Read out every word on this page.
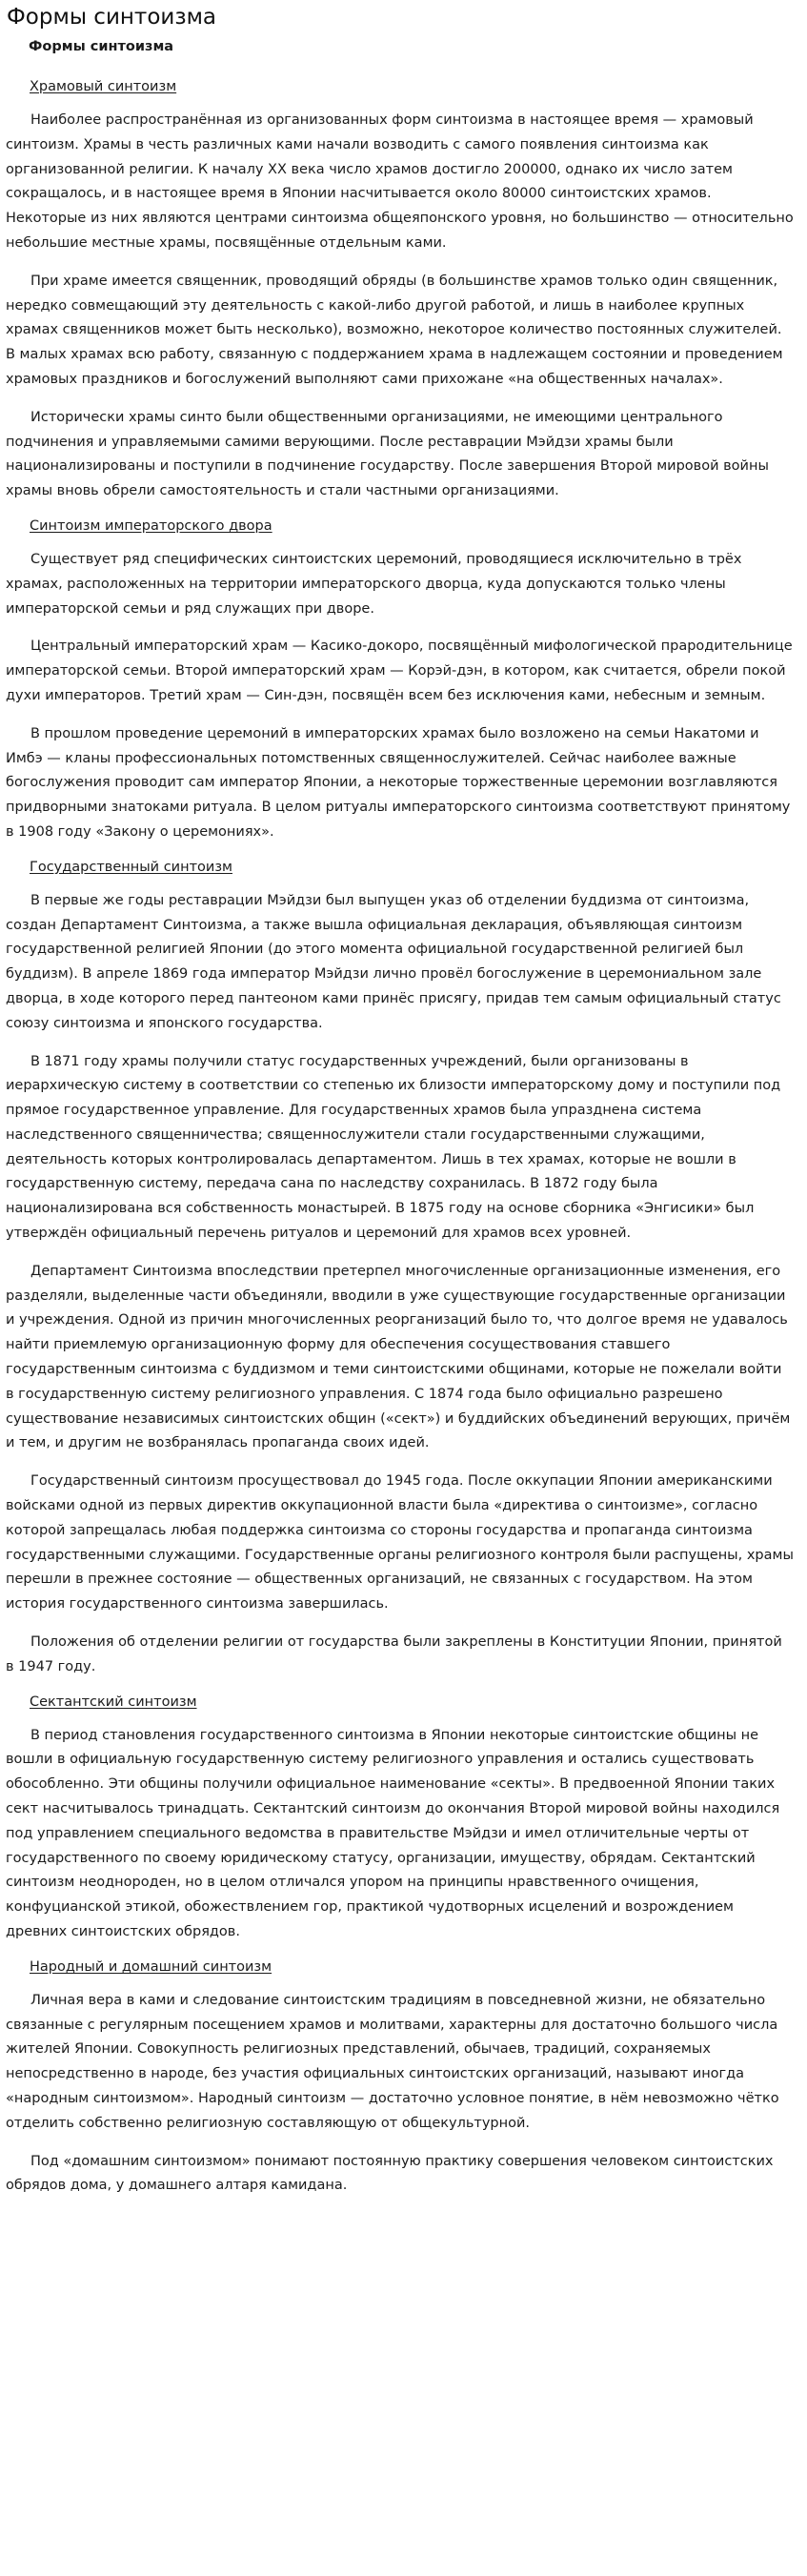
Формы синтоизма
Формы синтоизма
Храмовый синтоизм

Наиболее распространённая из организованных форм синтоизма в настоящее время — храмовый синтоизм. Храмы в честь различных ками начали возводить с самого появления синтоизма как организованной религии. К началу XX века число храмов достигло 200000, однако их число затем сокращалось, и в настоящее время в Японии насчитывается около 80000 синтоистских храмов. Некоторые из них являются центрами синтоизма общеяпонского уровня, но большинство — относительно небольшие местные храмы, посвящённые отдельным ками.

При храме имеется священник, проводящий обряды (в большинстве храмов только один священник, нередко совмещающий эту деятельность с какой-либо другой работой, и лишь в наиболее крупных храмах священников может быть несколько), возможно, некоторое количество постоянных служителей. В малых храмах всю работу, связанную с поддержанием храма в надлежащем состоянии и проведением храмовых праздников и богослужений выполняют сами прихожане «на общественных началах».

Исторически храмы синто были общественными организациями, не имеющими центрального подчинения и управляемыми самими верующими. После реставрации Мэйдзи храмы были национализированы и поступили в подчинение государству. После завершения Второй мировой войны храмы вновь обрели самостоятельность и стали частными организациями.

Синтоизм императорского двора

Существует ряд специфических синтоистских церемоний, проводящиеся исключительно в трёх храмах, расположенных на территории императорского дворца, куда допускаются только члены императорской семьи и ряд служащих при дворе.

Центральный императорский храм — Касико-докоро, посвящённый мифологической прародительнице императорской семьи. Второй императорский храм — Корэй-дэн, в котором, как считается, обрели покой духи императоров. Третий храм — Син-дэн, посвящён всем без исключения ками, небесным и земным.

В прошлом проведение церемоний в императорских храмах было возложено на семьи Накатоми и Имбэ — кланы профессиональных потомственных священнослужителей. Сейчас наиболее важные богослужения проводит сам император Японии, а некоторые торжественные церемонии возглавляются придворными знатоками ритуала. В целом ритуалы императорского синтоизма соответствуют принятому в 1908 году «Закону о церемониях».

Государственный синтоизм

В первые же годы реставрации Мэйдзи был выпущен указ об отделении буддизма от синтоизма, создан Департамент Синтоизма, а также вышла официальная декларация, объявляющая синтоизм государственной религией Японии (до этого момента официальной государственной религией был буддизм). В апреле 1869 года император Мэйдзи лично провёл богослужение в церемониальном зале дворца, в ходе которого перед пантеоном ками принёс присягу, придав тем самым официальный статус союзу синтоизма и японского государства.

В 1871 году храмы получили статус государственных учреждений, были организованы в иерархическую систему в соответствии со степенью их близости императорскому дому и поступили под прямое государственное управление. Для государственных храмов была упразднена система наследственного священничества; священнослужители стали государственными служащими, деятельность которых контролировалась департаментом. Лишь в тех храмах, которые не вошли в государственную систему, передача сана по наследству сохранилась. В 1872 году была национализирована вся собственность монастырей. В 1875 году на основе сборника «Энгисики» был утверждён официальный перечень ритуалов и церемоний для храмов всех уровней.

Департамент Синтоизма впоследствии претерпел многочисленные организационные изменения, его разделяли, выделенные части объединяли, вводили в уже существующие государственные организации и учреждения. Одной из причин многочисленных реорганизаций было то, что долгое время не удавалось найти приемлемую организационную форму для обеспечения сосуществования ставшего государственным синтоизма с буддизмом и теми синтоистскими общинами, которые не пожелали войти в государственную систему религиозного управления. С 1874 года было официально разрешено существование независимых синтоистских общин («сект») и буддийских объединений верующих, причём и тем, и другим не возбранялась пропаганда своих идей.

Государственный синтоизм просуществовал до 1945 года. После оккупации Японии американскими войсками одной из первых директив оккупационной власти была «директива о синтоизме», согласно которой запрещалась любая поддержка синтоизма со стороны государства и пропаганда синтоизма государственными служащими. Государственные органы религиозного контроля были распущены, храмы перешли в прежнее состояние — общественных организаций, не связанных с государством. На этом история государственного синтоизма завершилась.

Положения об отделении религии от государства были закреплены в Конституции Японии, принятой в 1947 году.

Сектантский синтоизм

В период становления государственного синтоизма в Японии некоторые синтоистские общины не вошли в официальную государственную систему религиозного управления и остались существовать обособленно. Эти общины получили официальное наименование «секты». В предвоенной Японии таких сект насчитывалось тринадцать. Сектантский синтоизм до окончания Второй мировой войны находился под управлением специального ведомства в правительстве Мэйдзи и имел отличительные черты от государственного по своему юридическому статусу, организации, имуществу, обрядам. Сектантский синтоизм неоднороден, но в целом отличался упором на принципы нравственного очищения, конфуцианской этикой, обожествлением гор, практикой чудотворных исцелений и возрождением древних синтоистских обрядов.

Народный и домашний синтоизм

Личная вера в ками и следование синтоистским традициям в повседневной жизни, не обязательно связанные с регулярным посещением храмов и молитвами, характерны для достаточно большого числа жителей Японии. Совокупность религиозных представлений, обычаев, традиций, сохраняемых непосредственно в народе, без участия официальных синтоистских организаций, называют иногда «народным синтоизмом». Народный синтоизм — достаточно условное понятие, в нём невозможно чётко отделить собственно религиозную составляющую от общекультурной.

Под «домашним синтоизмом» понимают постоянную практику совершения человеком синтоистских обрядов дома, у домашнего алтаря камидана.
